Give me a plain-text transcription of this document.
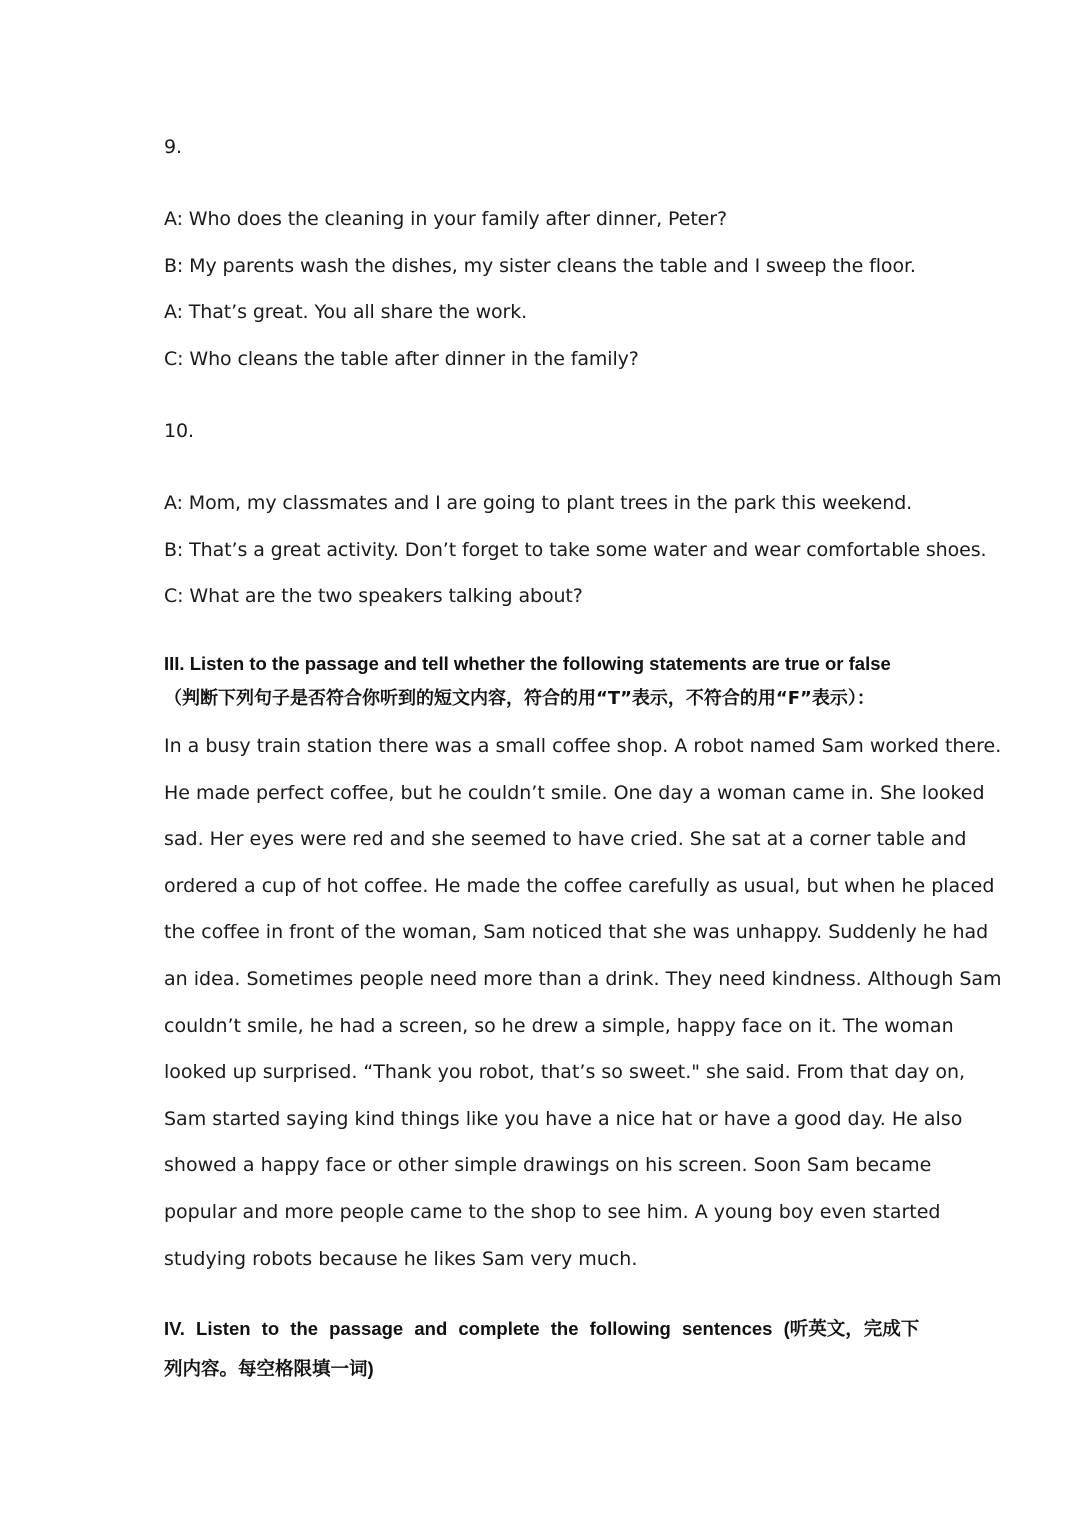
9.
A: Who does the cleaning in your family after dinner, Peter?
B: My parents wash the dishes, my sister cleans the table and I sweep the floor.
A: That’s great. You all share the work.
C: Who cleans the table after dinner in the family?
10.
A: Mom, my classmates and I are going to plant trees in the park this weekend.
B: That’s a great activity. Don’t forget to take some water and wear comfortable shoes.
C: What are the two speakers talking about?
III. Listen to the passage and tell whether the following statements are true or false
（判断下列句子是否符合你听到的短文内容，符合的用“T”表示，不符合的用“F”表示）：
In a busy train station there was a small coffee shop. A robot named Sam worked there.
He made perfect coffee, but he couldn’t smile. One day a woman came in. She looked
sad. Her eyes were red and she seemed to have cried. She sat at a corner table and
ordered a cup of hot coffee. He made the coffee carefully as usual, but when he placed
the coffee in front of the woman, Sam noticed that she was unhappy. Suddenly he had
an idea. Sometimes people need more than a drink. They need kindness. Although Sam
couldn’t smile, he had a screen, so he drew a simple, happy face on it. The woman
looked up surprised. “Thank you robot, that’s so sweet." she said. From that day on,
Sam started saying kind things like you have a nice hat or have a good day. He also
showed a happy face or other simple drawings on his screen. Soon Sam became
popular and more people came to the shop to see him. A young boy even started
studying robots because he likes Sam very much.
IV. Listen to the passage and complete the following sentences (听英文，完成下
列内容。每空格限填一词)
